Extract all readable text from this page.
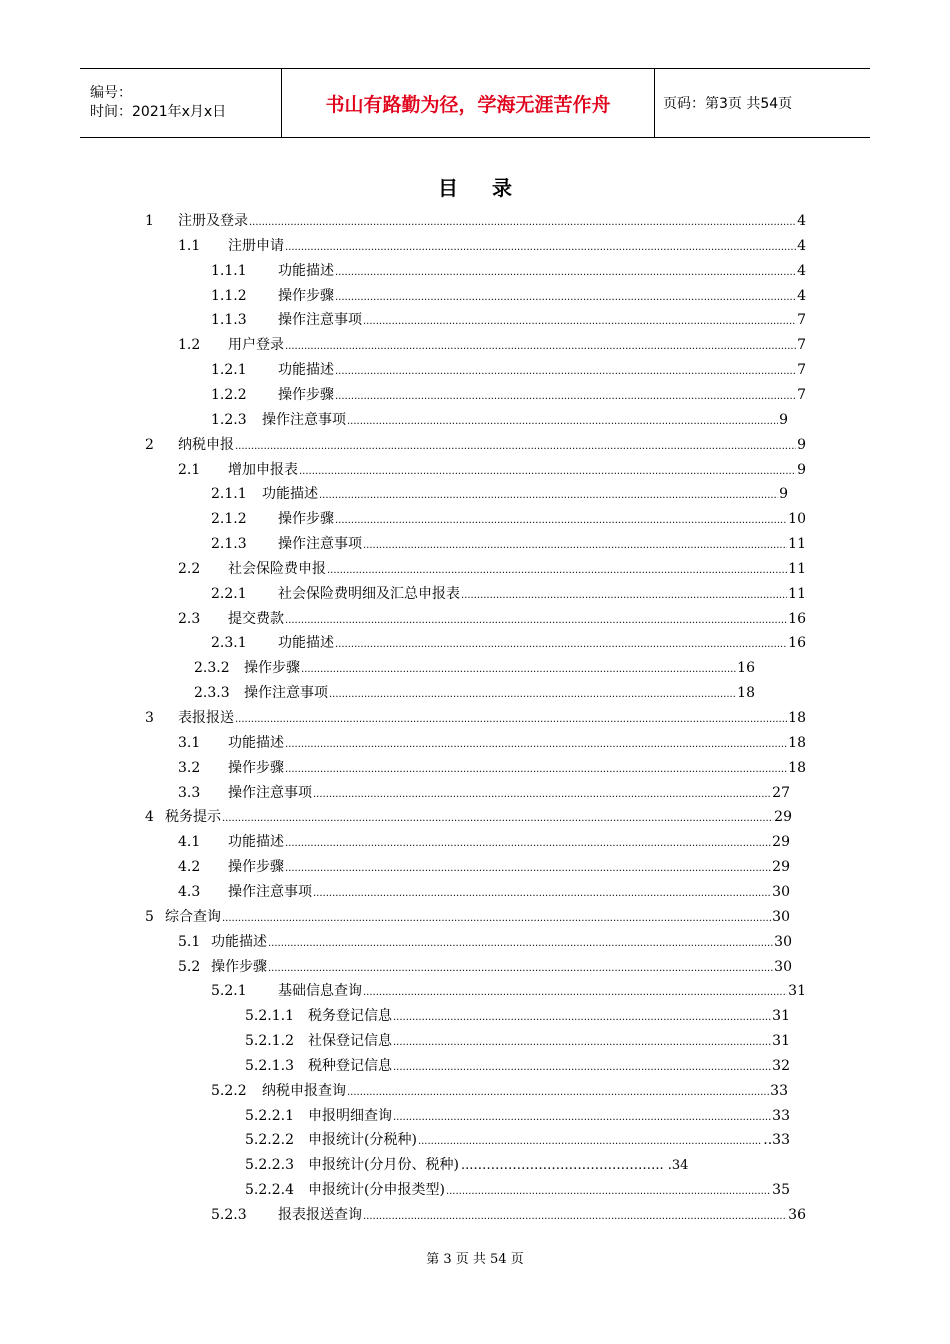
编号：
时间：2021年x月x日	书山有路勤为径，学海无涯苦作舟	页码：第3页 共54页
目录
1	注册及登录 .....	4
1.1	注册申请 .....	4
1.1.1	功能描述 .....	4
1.1.2	操作步骤 .....	4
1.1.3	操作注意事项 .....	7
1.2	用户登录 .....	7
1.2.1	功能描述 .....	7
1.2.2	操作步骤 .....	7
1.2.3	操作注意事项 .....	9
2	纳税申报 .....	9
2.1	增加申报表 .....	9
2.1.1	功能描述 .....	9
2.1.2	操作步骤 .....	10
2.1.3	操作注意事项 .....	11
2.2	社会保险费申报 .....	11
2.2.1	社会保险费明细及汇总申报表 .....	11
2.3	提交费款 .....	16
2.3.1	功能描述 .....	16
2.3.2	操作步骤 .....	16
2.3.3	操作注意事项 .....	18
3	表报报送 .....	18
3.1	功能描述 .....	18
3.2	操作步骤 .....	18
3.3	操作注意事项 .....	27
4 税务提示 .....	29
4.1	功能描述 .....	29
4.2	操作步骤 .....	29
4.3	操作注意事项 .....	30
5 综合查询 .....	30
5.1 功能描述 .....	30
5.2 操作步骤 .....	30
5.2.1	基础信息查询 .....	31
5.2.1.1	税务登记信息 .....	31
5.2.1.2	社保登记信息 .....	31
5.2.1.3	税种登记信息 .....	32
5.2.2	纳税申报查询 .....	33
5.2.2.1	申报明细查询 .....	33
5.2.2.2	申报统计(分税种) .....	..33
5.2.2.3	申报统计(分月份、税种) ...…………………………………….. .34
5.2.2.4	申报统计(分申报类型) .....	35
5.2.3	报表报送查询 .....	36
第 3 页 共 54 页
